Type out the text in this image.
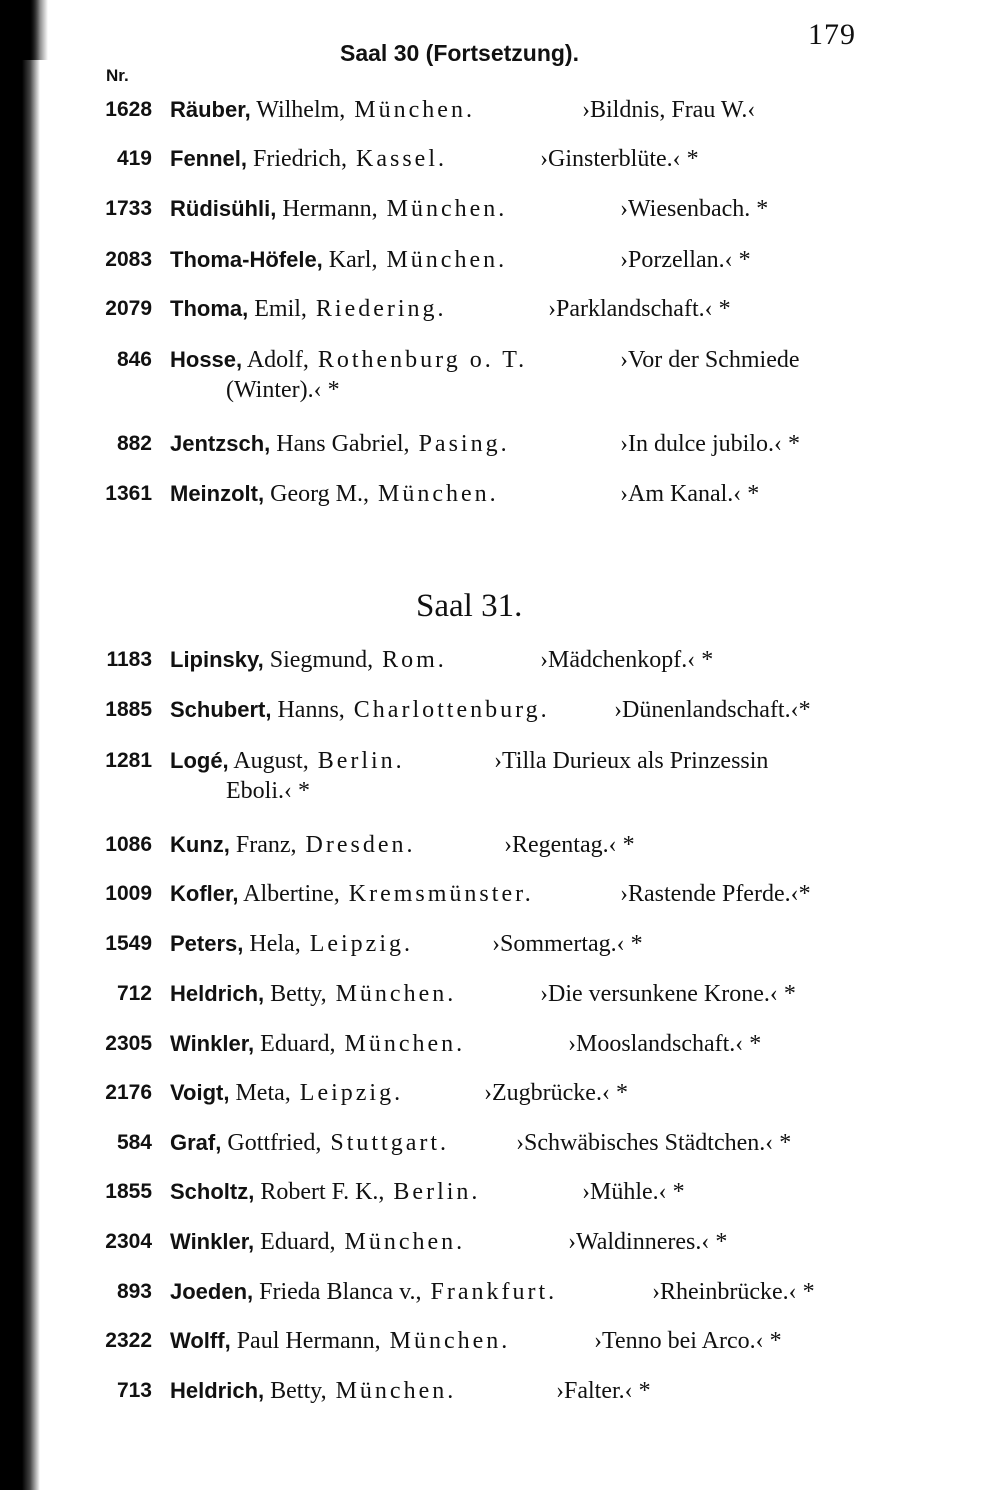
179
Saal 30 (Fortsetzung).
Nr.
1628 Räuber, Wilhelm, München.	›Bildnis, Frau W.‹
419 Fennel, Friedrich, Kassel.	›Ginsterblüte.‹ *
1733 Rüdisühli, Hermann, München.	›Wiesenbach. *
2083 Thoma-Höfele, Karl, München.	›Porzellan.‹ *
2079 Thoma, Emil, Riedering.	›Parklandschaft.‹ *
846 Hosse, Adolf, Rothenburg o. T.	›Vor der Schmiede
(Winter).‹ *
882 Jentzsch, Hans Gabriel, Pasing.	›In dulce jubilo.‹ *
1361 Meinzolt, Georg M., München.	›Am Kanal.‹ *
Saal 31.
1183 Lipinsky, Siegmund, Rom.	›Mädchenkopf.‹ *
1885 Schubert, Hanns, Charlottenburg.	›Dünenlandschaft.‹*
1281 Logé, August, Berlin.	›Tilla Durieux als Prinzessin
Eboli.‹ *
1086 Kunz, Franz, Dresden.	›Regentag.‹ *
1009 Kofler, Albertine, Kremsmünster.	›Rastende Pferde.‹*
1549 Peters, Hela, Leipzig.	›Sommertag.‹ *
712 Heldrich, Betty, München.	›Die versunkene Krone.‹ *
2305 Winkler, Eduard, München.	›Mooslandschaft.‹ *
2176 Voigt, Meta, Leipzig.	›Zugbrücke.‹ *
584 Graf, Gottfried, Stuttgart.	›Schwäbisches Städtchen.‹ *
1855 Scholtz, Robert F. K., Berlin.	›Mühle.‹ *
2304 Winkler, Eduard, München.	›Waldinneres.‹ *
893 Joeden, Frieda Blanca v., Frankfurt.	›Rheinbrücke.‹ *
2322 Wolff, Paul Hermann, München.	›Tenno bei Arco.‹ *
713 Heldrich, Betty, München.	›Falter.‹ *
